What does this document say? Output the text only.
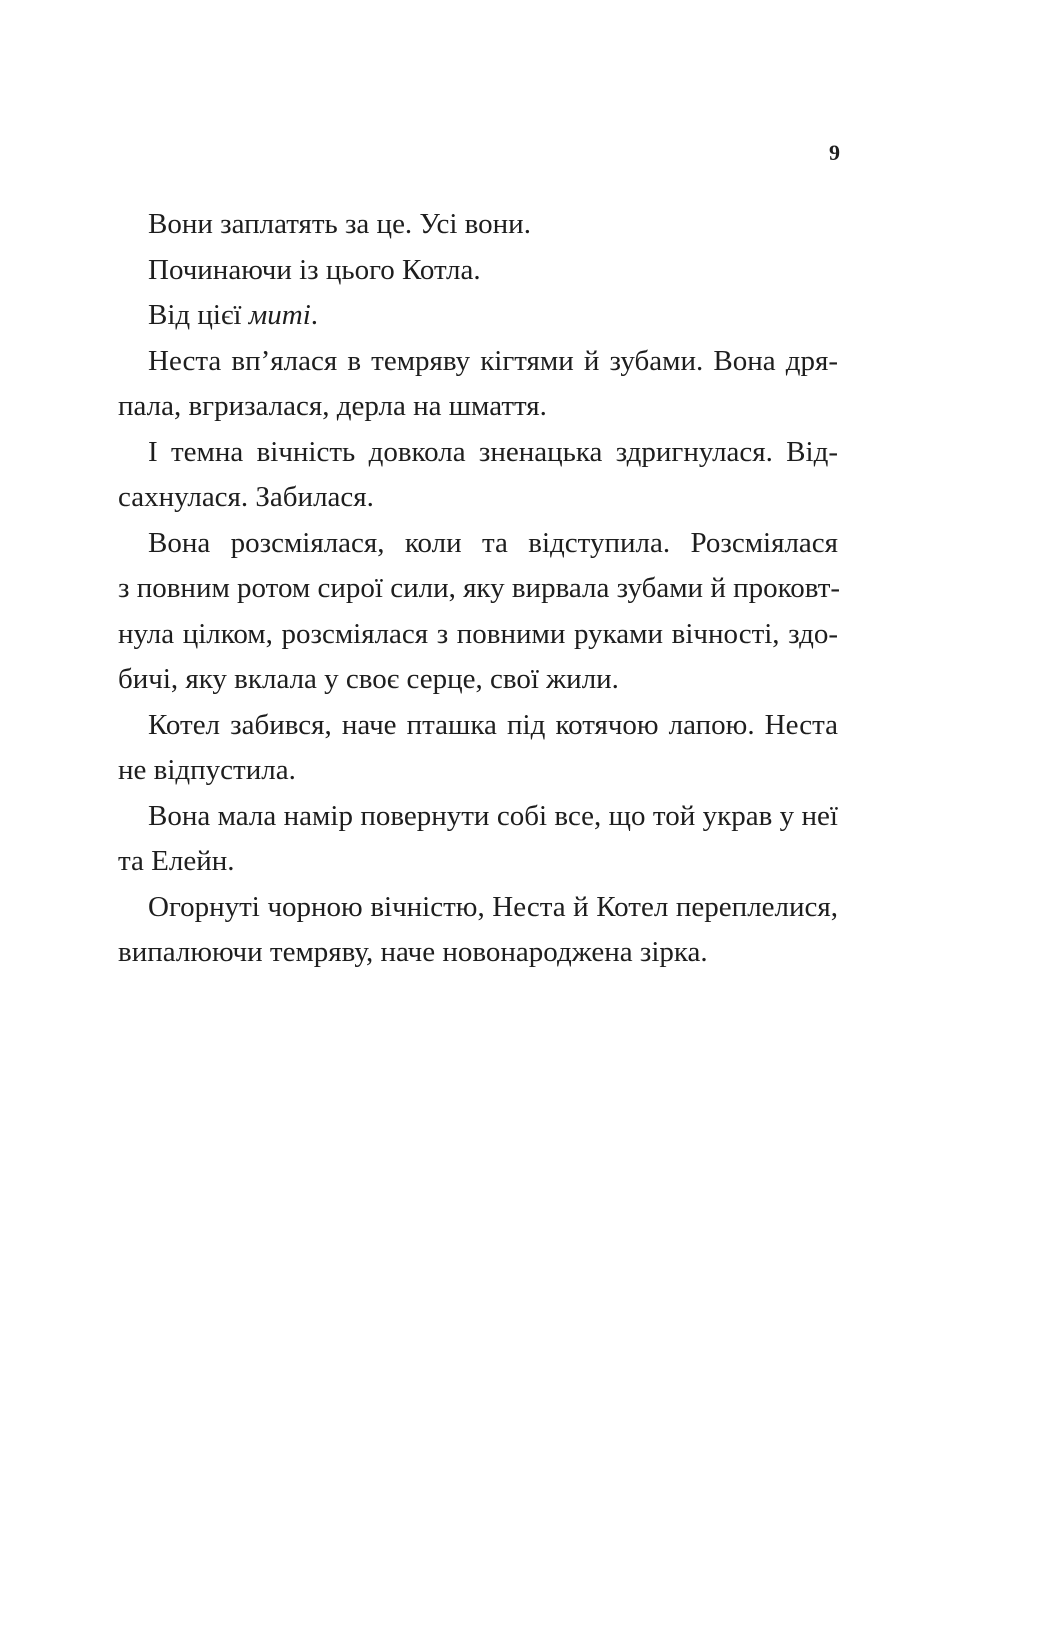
9
Вони заплатять за це. Усі вони.
Починаючи із цього Котла.
Від цієї миті.
Неста вп’ялася в темряву кігтями й зубами. Вона дря-
пала, вгризалася, дерла на шмаття.
І темна вічність довкола зненацька здригнулася. Від-
сахнулася. Забилася.
Вона розсміялася, коли та відступила. Розсміялася
з повним ротом сирої сили, яку вирвала зубами й проковт-
нула цілком, розсміялася з повними руками вічності, здо-
бичі, яку вклала у своє серце, свої жили.
Котел забився, наче пташка під котячою лапою. Неста
не відпустила.
Вона мала намір повернути собі все, що той украв у неї
та Елейн.
Огорнуті чорною вічністю, Неста й Котел переплелися,
випалюючи темряву, наче новонароджена зірка.
